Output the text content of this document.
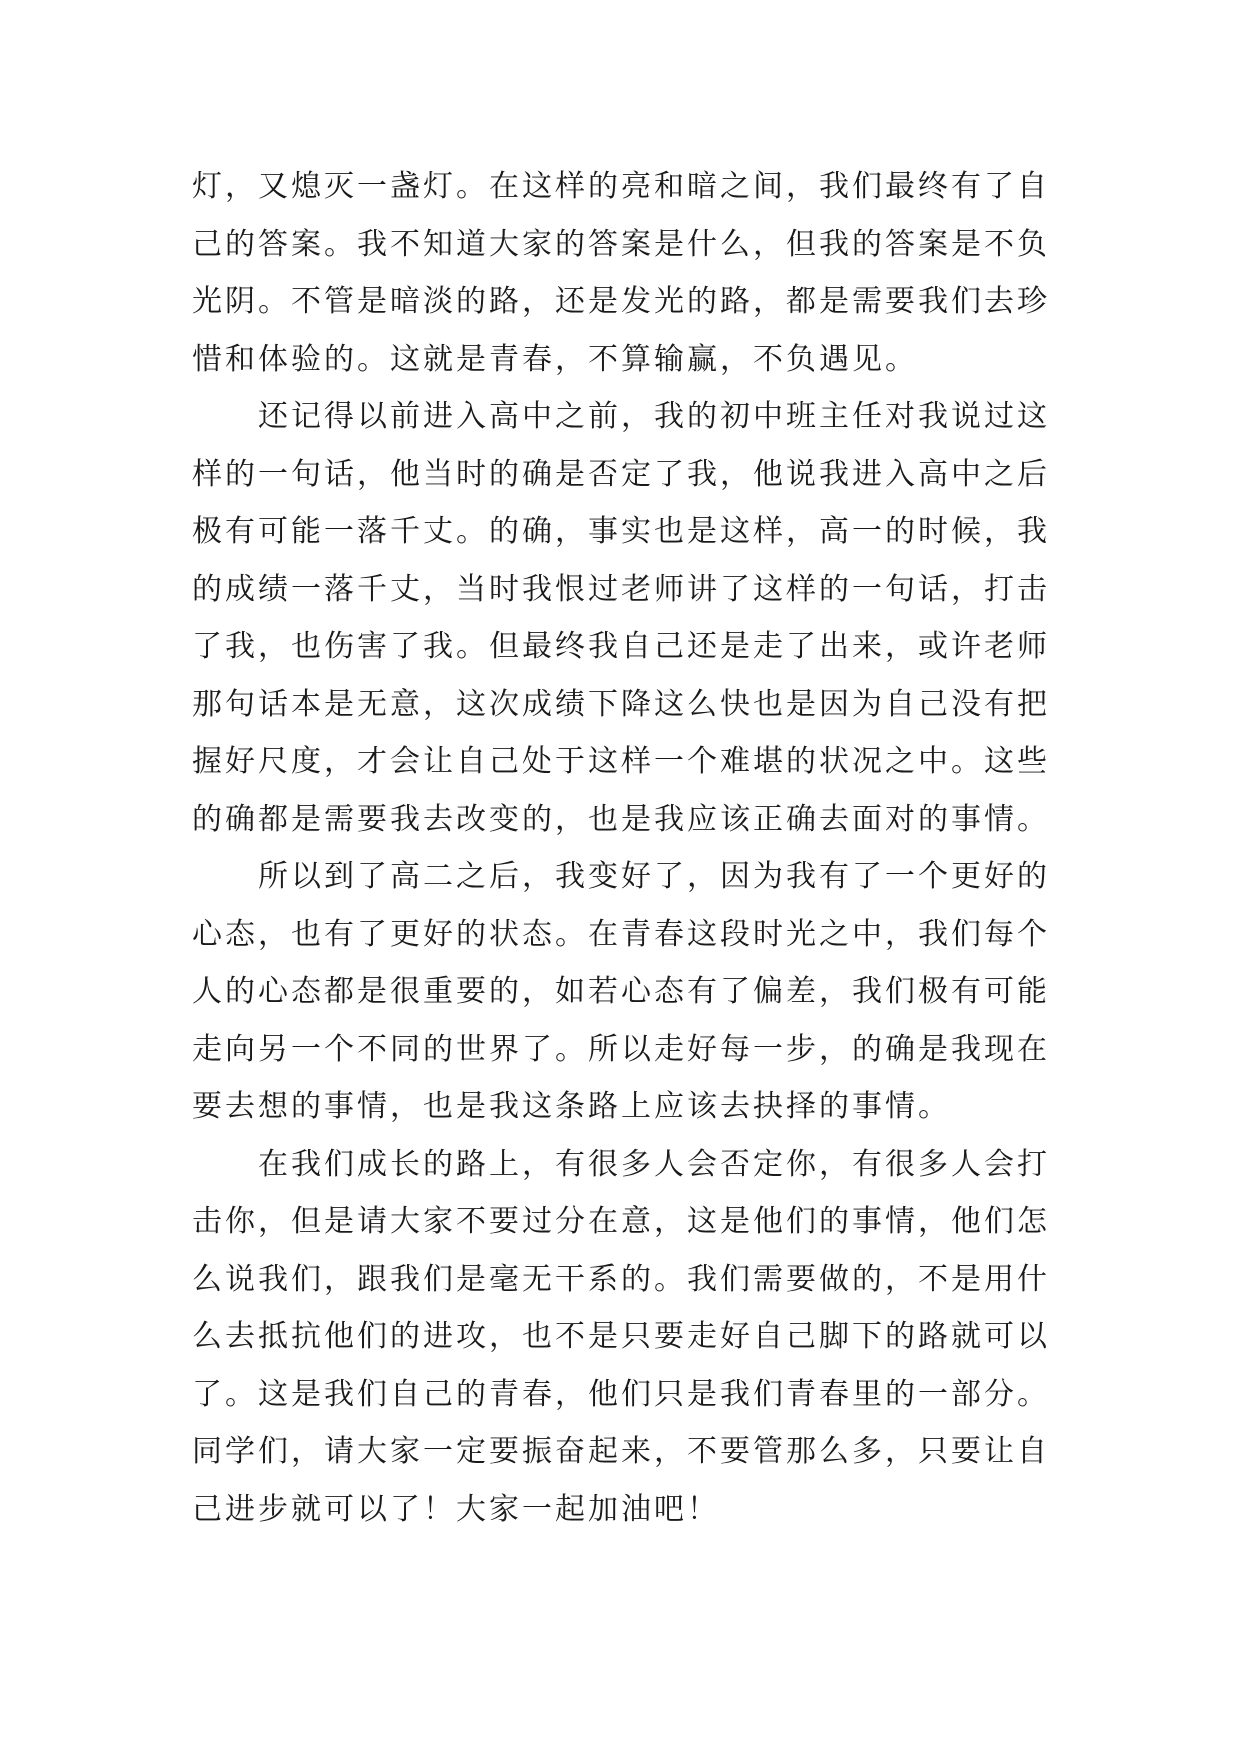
灯，又熄灭一盏灯。在这样的亮和暗之间，我们最终有了自
己的答案。我不知道大家的答案是什么，但我的答案是不负
光阴。不管是暗淡的路，还是发光的路，都是需要我们去珍
惜和体验的。这就是青春，不算输赢，不负遇见。
还记得以前进入高中之前，我的初中班主任对我说过这
样的一句话，他当时的确是否定了我，他说我进入高中之后
极有可能一落千丈。的确，事实也是这样，高一的时候，我
的成绩一落千丈，当时我恨过老师讲了这样的一句话，打击
了我，也伤害了我。但最终我自己还是走了出来，或许老师
那句话本是无意，这次成绩下降这么快也是因为自己没有把
握好尺度，才会让自己处于这样一个难堪的状况之中。这些
的确都是需要我去改变的，也是我应该正确去面对的事情。
所以到了高二之后，我变好了，因为我有了一个更好的
心态，也有了更好的状态。在青春这段时光之中，我们每个
人的心态都是很重要的，如若心态有了偏差，我们极有可能
走向另一个不同的世界了。所以走好每一步，的确是我现在
要去想的事情，也是我这条路上应该去抉择的事情。
在我们成长的路上，有很多人会否定你，有很多人会打
击你，但是请大家不要过分在意，这是他们的事情，他们怎
么说我们，跟我们是毫无干系的。我们需要做的，不是用什
么去抵抗他们的进攻，也不是只要走好自己脚下的路就可以
了。这是我们自己的青春，他们只是我们青春里的一部分。
同学们，请大家一定要振奋起来，不要管那么多，只要让自
己进步就可以了！大家一起加油吧！
